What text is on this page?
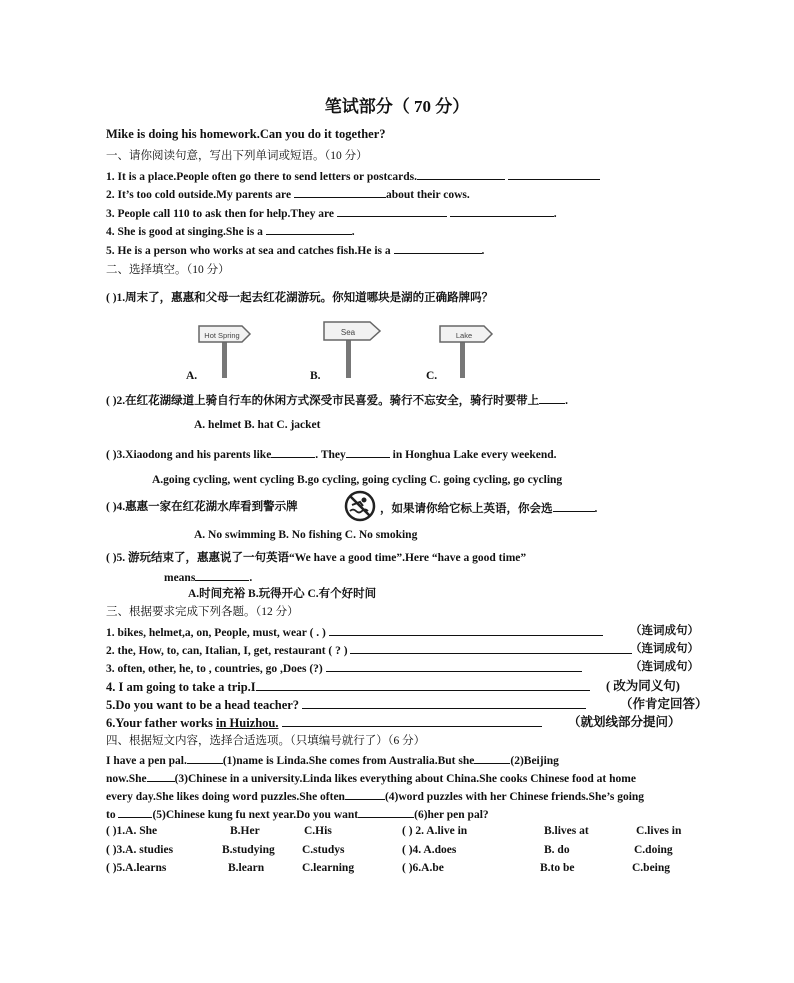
笔试部分（ 70 分）
Mike is doing his homework.Can you do it together?
一、请你阅读句意，写出下列单词或短语。（10 分）
1. It is a place.People often go there to send letters or postcards.
2. It’s too cold outside.My parents are	about their cows.
3. People call 110 to ask then for help.They are	.
4. She is good at singing.She is a	.
5. He is a person who works at sea and catches fish.He is a	.
二、选择填空。（10 分）
( )1.周末了，惠惠和父母一起去红花湖游玩。你知道哪块是湖的正确路牌吗？
Hot Spring
A.
Sea
B.
Lake
C.
( )2.在红花湖绿道上骑自行车的休闲方式深受市民喜爱。骑行不忘安全，骑行时要带上 .
A. helmet B. hat C. jacket
( )3.Xiaodong and his parents like	. They	in Honghua Lake every weekend.
A.going cycling, went cycling B.go cycling, going cycling C. going cycling, go cycling
( )4.惠惠一家在红花湖水库看到警示牌	，如果请你给它标上英语，你会选	.
A. No swimming B. No fishing C. No smoking
( )5. 游玩结束了，惠惠说了一句英语“We have a good time”.Here “have a good time”
means	.
A.时间充裕 B.玩得开心 C.有个好时间
三、根据要求完成下列各题。（12 分）
1. bikes, helmet,a, on, People, must, wear ( . )	（连词成句）
2. the, How, to, can, Italian, I, get, restaurant ( ? )	（连词成句）
3. often, other, he, to , countries, go ,Does (?)	（连词成句）
4. I am going to take a trip.I	( 改为同义句)
5.Do you want to be a head teacher?	（作肯定回答）
6.Your father works in Huizhou.	（就划线部分提问）
四、根据短文内容，选择合适选项。（只填编号就行了）（6 分）
I have a pen pal.	(1)name is Linda.She comes from Australia.But she	(2)Beijing
now.She (3)Chinese in a university.Linda likes everything about China.She cooks Chinese food at home
every day.She likes doing word puzzles.She often	(4)word puzzles with her Chinese friends.She’s going
to	(5)Chinese kung fu next year.Do you want	(6)her pen pal?
( )1.A. She	B.Her	C.His	( ) 2. A.live in	B.lives at	C.lives in
( )3.A. studies	B.studying C.studys	( )4. A.does	B. do	C.doing
( )5.A.learns	B.learn	C.learning	( )6.A.be	B.to be	C.being
